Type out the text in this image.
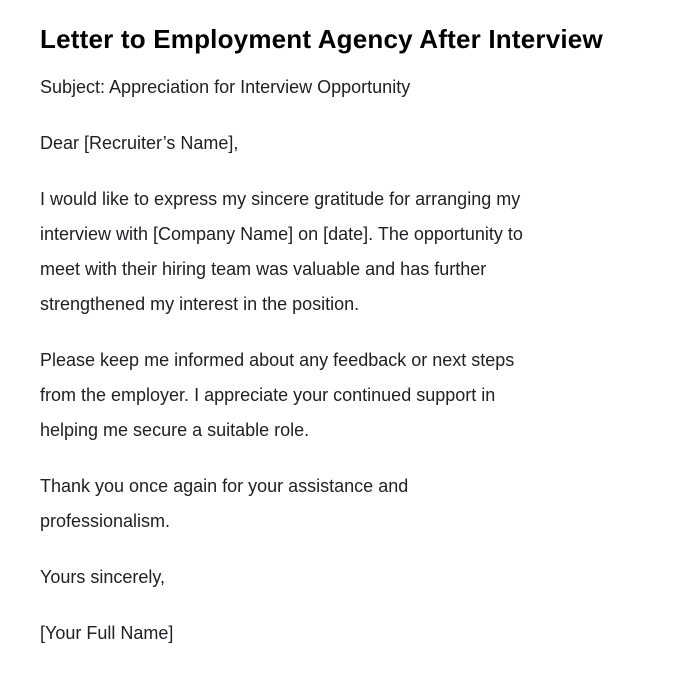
Letter to Employment Agency After Interview
Subject: Appreciation for Interview Opportunity
Dear [Recruiter’s Name],
I would like to express my sincere gratitude for arranging my
interview with [Company Name] on [date]. The opportunity to
meet with their hiring team was valuable and has further
strengthened my interest in the position.
Please keep me informed about any feedback or next steps
from the employer. I appreciate your continued support in
helping me secure a suitable role.
Thank you once again for your assistance and
professionalism.
Yours sincerely,
[Your Full Name]
